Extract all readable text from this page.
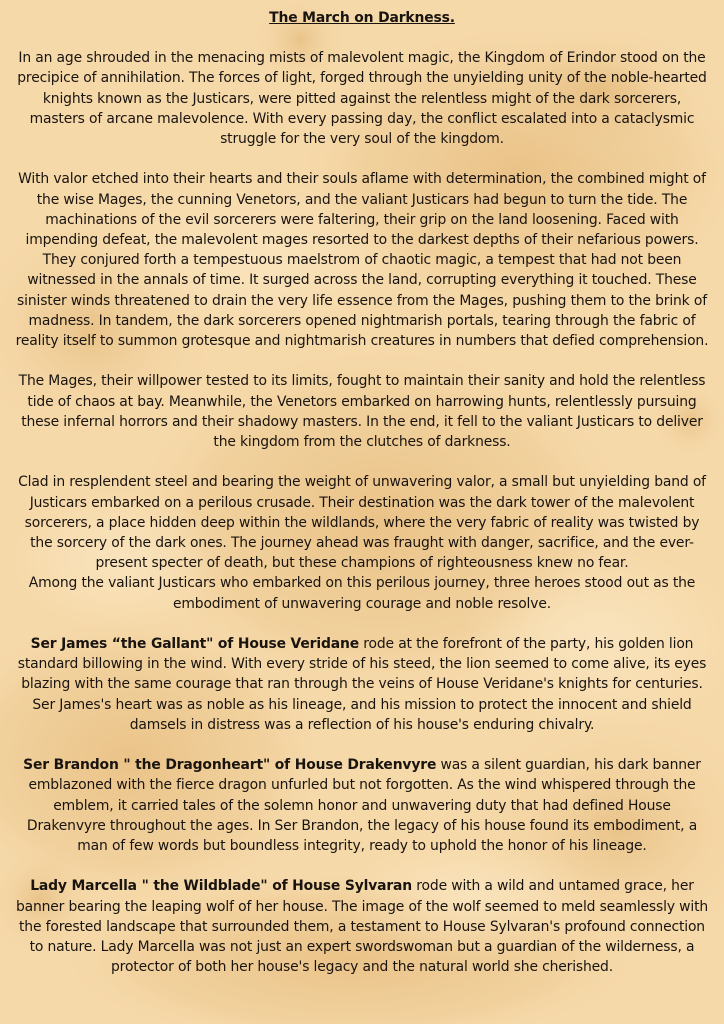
The March on Darkness.

In an age shrouded in the menacing mists of malevolent magic, the Kingdom of Erindor stood on the precipice of annihilation. The forces of light, forged through the unyielding unity of the noble-hearted knights known as the Justicars, were pitted against the relentless might of the dark sorcerers, masters of arcane malevolence. With every passing day, the conflict escalated into a cataclysmic struggle for the very soul of the kingdom.

With valor etched into their hearts and their souls aflame with determination, the combined might of the wise Mages, the cunning Venetors, and the valiant Justicars had begun to turn the tide. The machinations of the evil sorcerers were faltering, their grip on the land loosening. Faced with impending defeat, the malevolent mages resorted to the darkest depths of their nefarious powers. They conjured forth a tempestuous maelstrom of chaotic magic, a tempest that had not been witnessed in the annals of time. It surged across the land, corrupting everything it touched. These sinister winds threatened to drain the very life essence from the Mages, pushing them to the brink of madness. In tandem, the dark sorcerers opened nightmarish portals, tearing through the fabric of reality itself to summon grotesque and nightmarish creatures in numbers that defied comprehension.

The Mages, their willpower tested to its limits, fought to maintain their sanity and hold the relentless tide of chaos at bay. Meanwhile, the Venetors embarked on harrowing hunts, relentlessly pursuing these infernal horrors and their shadowy masters. In the end, it fell to the valiant Justicars to deliver the kingdom from the clutches of darkness.

Clad in resplendent steel and bearing the weight of unwavering valor, a small but unyielding band of Justicars embarked on a perilous crusade. Their destination was the dark tower of the malevolent sorcerers, a place hidden deep within the wildlands, where the very fabric of reality was twisted by the sorcery of the dark ones. The journey ahead was fraught with danger, sacrifice, and the ever-present specter of death, but these champions of righteousness knew no fear.

Among the valiant Justicars who embarked on this perilous journey, three heroes stood out as the embodiment of unwavering courage and noble resolve.

Ser James “the Gallant" of House Veridane rode at the forefront of the party, his golden lion standard billowing in the wind. With every stride of his steed, the lion seemed to come alive, its eyes blazing with the same courage that ran through the veins of House Veridane's knights for centuries. Ser James's heart was as noble as his lineage, and his mission to protect the innocent and shield damsels in distress was a reflection of his house's enduring chivalry.

Ser Brandon " the Dragonheart" of House Drakenvyre was a silent guardian, his dark banner emblazoned with the fierce dragon unfurled but not forgotten. As the wind whispered through the emblem, it carried tales of the solemn honor and unwavering duty that had defined House Drakenvyre throughout the ages. In Ser Brandon, the legacy of his house found its embodiment, a man of few words but boundless integrity, ready to uphold the honor of his lineage.

Lady Marcella " the Wildblade" of House Sylvaran rode with a wild and untamed grace, her banner bearing the leaping wolf of her house. The image of the wolf seemed to meld seamlessly with the forested landscape that surrounded them, a testament to House Sylvaran's profound connection to nature. Lady Marcella was not just an expert swordswoman but a guardian of the wilderness, a protector of both her house's legacy and the natural world she cherished.
